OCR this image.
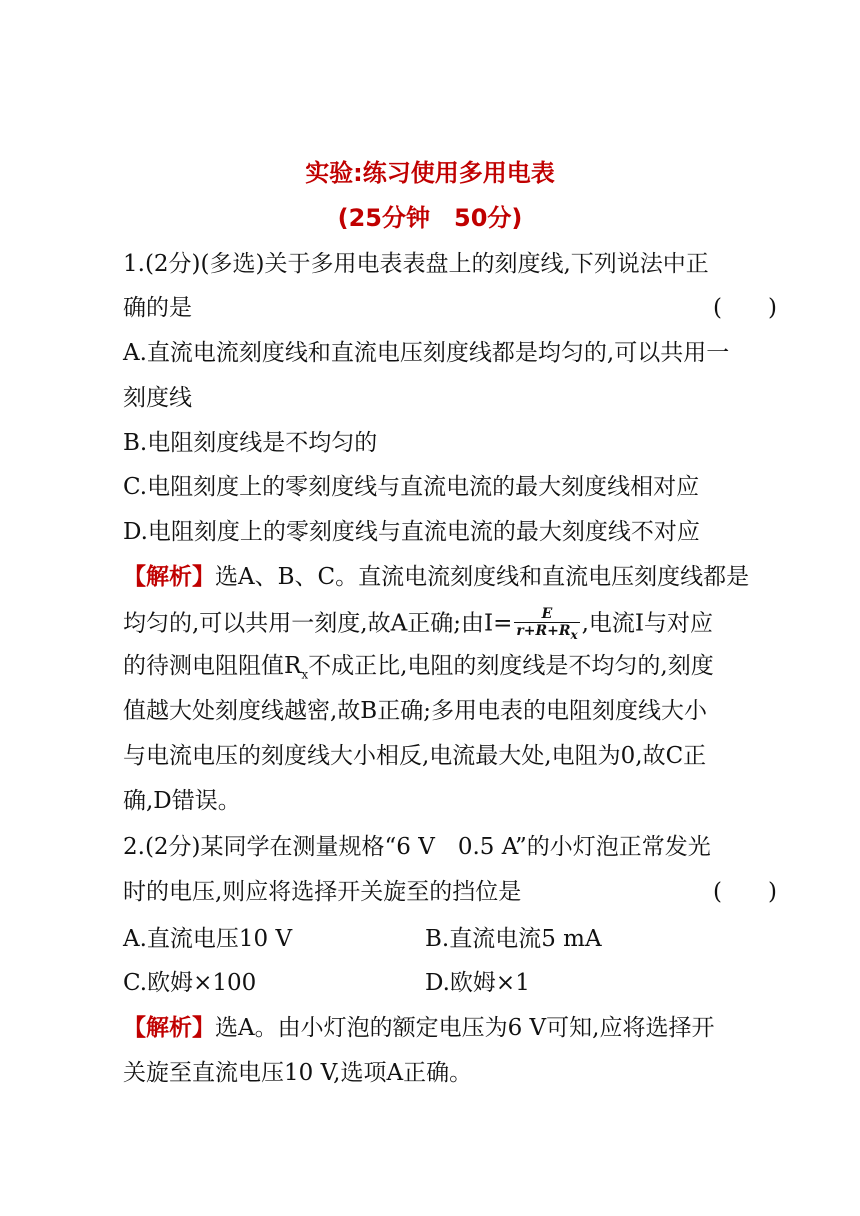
实验:练习使用多用电表
(25分钟　50分)
1.(2分)(多选)关于多用电表表盘上的刻度线,下列说法中正
确的是	(　　)
A.直流电流刻度线和直流电压刻度线都是均匀的,可以共用一
刻度线
B.电阻刻度线是不均匀的
C.电阻刻度上的零刻度线与直流电流的最大刻度线相对应
D.电阻刻度上的零刻度线与直流电流的最大刻度线不对应
【解析】选A、B、C。直流电流刻度线和直流电压刻度线都是
均匀的,可以共用一刻度,故A正确;由$I= \frac{E}{r+R+R_x}$ ,电流I与对应
的待测电阻阻值$R_x$不成正比,电阻的刻度线是不均匀的,刻度
值越大处刻度线越密,故B正确;多用电表的电阻刻度线大小
与电流电压的刻度线大小相反,电流最大处,电阻为0,故C正
确,D错误。
2.(2分)某同学在测量规格“6 V　0.5 A”的小灯泡正常发光
时的电压,则应将选择开关旋至的挡位是	(　　)
A.直流电压10 V	B.直流电流5 mA
C.欧姆×100	D.欧姆×1
【解析】选A。由小灯泡的额定电压为6 V可知,应将选择开
关旋至直流电压10 V,选项A正确。
